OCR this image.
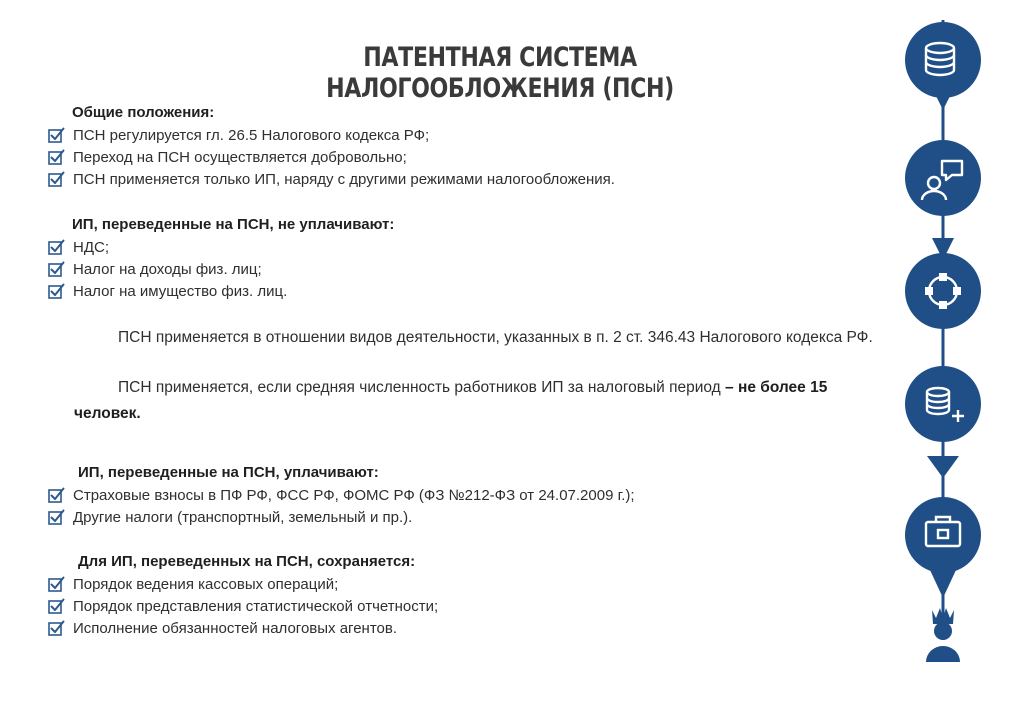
ПАТЕНТНАЯ СИСТЕМА НАЛОГООБЛОЖЕНИЯ (ПСН)
Общие положения:
ПСН регулируется гл. 26.5 Налогового кодекса РФ;
Переход на ПСН осуществляется добровольно;
ПСН применяется только ИП, наряду с другими режимами налогообложения.
ИП, переведенные на ПСН, не уплачивают:
НДС;
Налог на доходы физ. лиц;
Налог на имущество физ. лиц.
ПСН применяется в отношении видов деятельности, указанных в п. 2 ст. 346.43 Налогового кодекса РФ.
ПСН применяется, если средняя численность работников ИП за налоговый период – не более 15 человек.
ИП, переведенные на ПСН, уплачивают:
Страховые взносы в ПФ РФ, ФСС РФ, ФОМС РФ (ФЗ №212-ФЗ от 24.07.2009 г.);
Другие налоги (транспортный, земельный и пр.).
Для ИП, переведенных на ПСН, сохраняется:
Порядок ведения кассовых операций;
Порядок представления статистической отчетности;
Исполнение обязанностей налоговых агентов.
